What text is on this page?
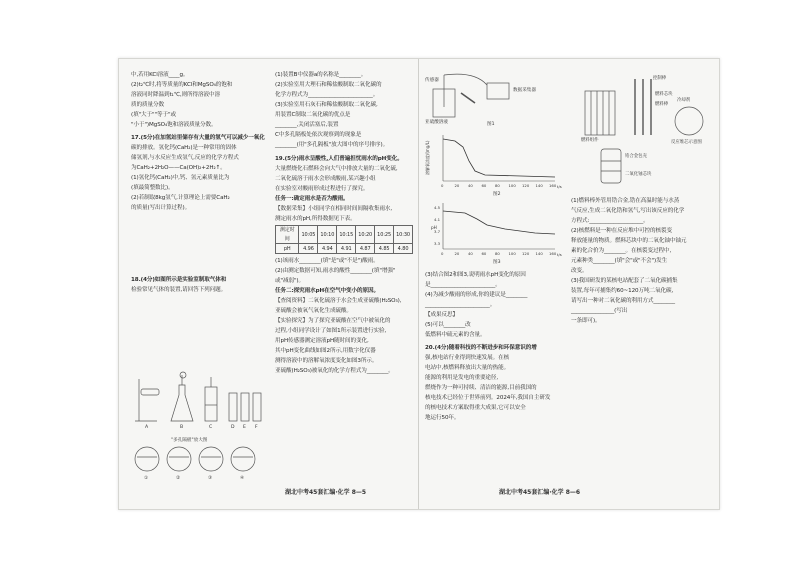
中,若用KCl溶液____g。

(2)t₂℃时,将等质量的KCl和MgSO₄的饱和

溶液同时降温到t₁℃,则所得溶液中溶

质的质量分数

(填"大于""等于"或

"小于")MgSO₄饱和溶液质量分数。

17.(5分)在加氢站里储存有大量的氢气可以减少一氧化

碳的排放。氢化钙(CaH₂)是一种常用的固体

储氢剂,与水反应生成氢气,反应的化学方程式

为CaH₂+2H₂O——Ca(OH)₂+2H₂↑。

(1)氢化钙(CaH₂)中,钙、氢元素质量比为

(填最简整数比)。

(2)若制取8kg氢气,计算理论上需要CaH₂

的质量(写出计算过程)。

18.(4分)如图所示是实验室制取气体和

检验常见气体的装置,请回答下列问题。

A	B	C	D E F
"多孔隔板"放大图
①	②	③	④

(1)装置B中仪器a的名称是________。

(2)实验室用大理石和稀盐酸制取二氧化碳的

化学方程式为________________________。

(3)实验室用石灰石和稀盐酸制取二氧化碳,

用装置C制取二氧化碳的优点是

________,关闭活塞后,装置

C中多孔隔板处依次观察到的现象是

________(用"多孔隔板"放大图中的序号排序)。

19.(5分)雨水呈酸性,人们普遍担忧雨水的pH变化。

大量燃烧化石燃料会向大气中排放大量的二氧化硫,

二氧化硫溶于雨水会形成酸雨,某兴趣小组

在实验室对酸雨形成过程进行了探究。

任务一:确定雨水是否为酸雨。

【数据采集】小组同学在相同时间间隔收集雨水,

测定雨水的pH,所得数据见下表。

测定时间	10:05	10:10	10:15	10:20	10:25	10:30
pH	4.96	4.94	4.91	4.87	4.85	4.80

(1)该雨水________(填"是"或"不是")酸雨。

(2)由测定数据可知,雨水的酸性________(填"增强"

或"减弱")。

任务二:探究雨水pH在空气中变小的原因。

【查阅资料】二氧化硫溶于水会生成亚硫酸(H₂SO₃),

亚硫酸会被氧气氧化生成硫酸。

【实验探究】为了探究亚硫酸在空气中被氧化的

过程,小组同学设计了如图1所示装置进行实验,

用pH传感器测定溶液pH随时间的变化,

其中pH变化曲线如图2所示,用数字化仪器

测得溶液中的溶解氧浓度变化如图3所示。

亚硫酸(H₂SO₃)被氧化的化学方程式为________。

传感器
亚硫酸溶液
数据采集器
图1
溶解氧浓度/(mg/L)
0	20 40 60 80 100 120 140 160 t/s
图2
pH
4.5
4.1
3.7
3.3
0	20 40 60 80 100 120 140 160 t/s
图3

(3)结合图2和图3,说明雨水pH变化的原因

是________________________。

(4)为减少酸雨的形成,你的建议是________

________________________。

【成果反思】

(5)可以________改

低燃料中硫元素的含量。

20.(4分)随着科技的不断进步和环保意识的增

强,核电站行业得到快速发展。在核

电站中,核燃料释放出大量的热能。

能源的利用是发电的重要途径,

燃烧作为一种可持续、清洁的能源,目前我国的

核电技术已经位于世界前列。2024年,我国自主研发

的核电技术方案取得重大成果,它可以安全

地运行50年。

燃料组件
控制棒
燃料芯块
燃料棒
冷却剂
反应堆芯示意图
锆合金包壳
二氧化铀芯块

(1)燃料棒外管用锆合金,锆在高温时能与水蒸

气反应,生成二氧化锆和氢气,写出该反应的化学

方程式:____________________。

(2)核燃料是一种在反应堆中可控的核裂变

释放能量的物质。燃料芯块中的二氧化铀中铀元

素的化合价为________。在核裂变过程中,

元素种类________(填"会"或"不会")发生

改变。

(3)我国研发的某核电站配套了二氧化碳捕集

装置,每年可捕集约60~120万吨二氧化碳,

请写出一种对二氧化碳的利用方式________

________________(写出

一条即可)。

湖北中考45套汇编·化学 8—5	湖北中考45套汇编·化学 8—6
